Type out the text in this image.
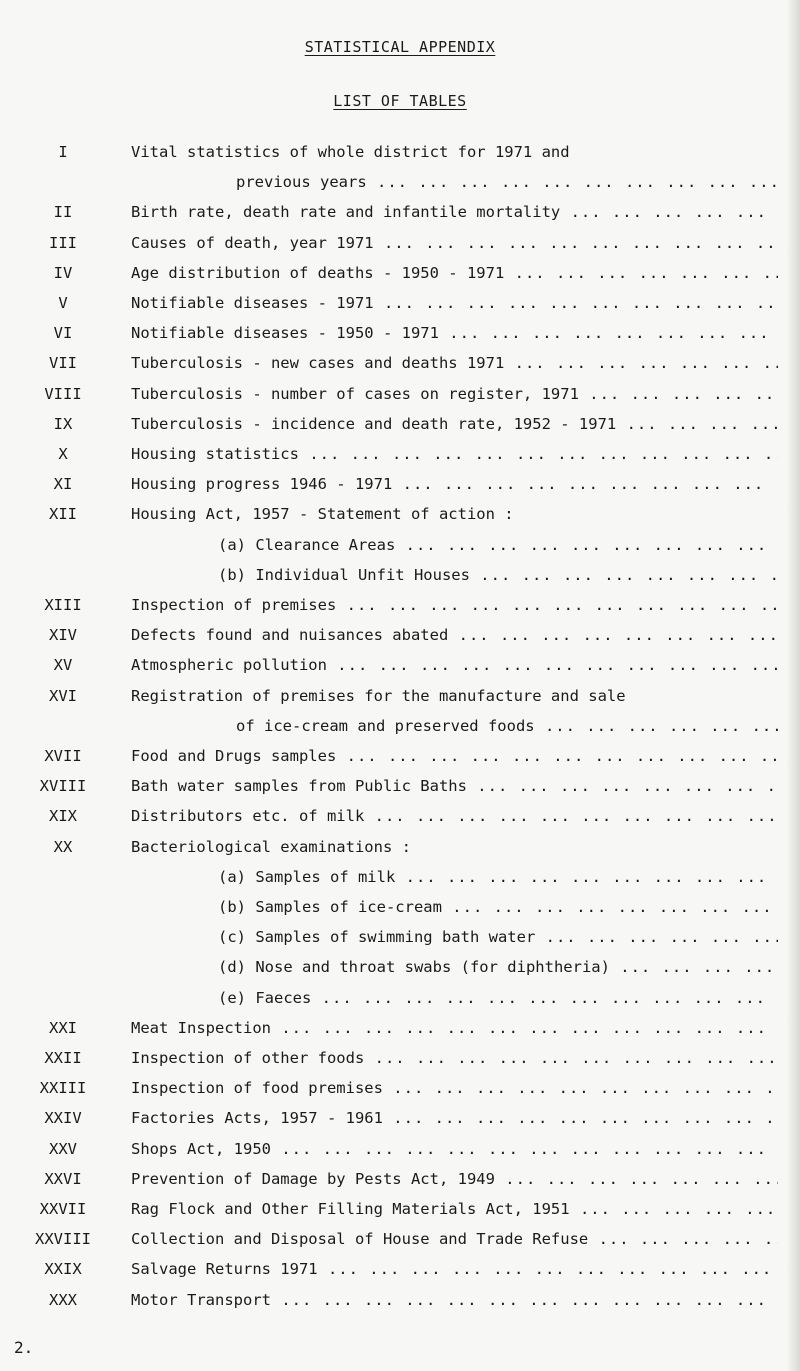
STATISTICAL APPENDIX
LIST OF TABLES
I	Vital statistics of whole district for 1971 and
previous years ... .
II	Birth rate, death rate and infantile mortality ... .
III	Causes of death, year 1971 ... .
IV	Age distribution of deaths - 1950 - 1971 ... .
V	Notifiable diseases - 1971 ... .
VI	Notifiable diseases - 1950 - 1971 ... .
VII	Tuberculosis - new cases and deaths 1971 ... .
VIII	Tuberculosis - number of cases on register, 1971 ... .
IX	Tuberculosis - incidence and death rate, 1952 - 1971 ... .
X	Housing statistics ... .
XI	Housing progress 1946 - 1971 ... .
XII	Housing Act, 1957 - Statement of action :
(a) Clearance Areas ... .
(b) Individual Unfit Houses ... .
XIII	Inspection of premises ... .
XIV	Defects found and nuisances abated ... .
XV	Atmospheric pollution ... .
XVI	Registration of premises for the manufacture and sale
of ice-cream and preserved foods ... .
XVII	Food and Drugs samples ... .
XVIII	Bath water samples from Public Baths ... .
XIX	Distributors etc. of milk ... .
XX	Bacteriological examinations :
(a) Samples of milk ... .
(b) Samples of ice-cream ... .
(c) Samples of swimming bath water ... .
(d) Nose and throat swabs (for diphtheria) ... .
(e) Faeces ... .
XXI	Meat Inspection ... .
XXII	Inspection of other foods ... .
XXIII	Inspection of food premises ... .
XXIV	Factories Acts, 1957 - 1961 ... .
XXV	Shops Act, 1950 ... .
XXVI	Prevention of Damage by Pests Act, 1949 ... .
XXVII	Rag Flock and Other Filling Materials Act, 1951 ... .
XXVIII	Collection and Disposal of House and Trade Refuse ... .
XXIX	Salvage Returns 1971 ... .
XXX	Motor Transport ... .
2.
